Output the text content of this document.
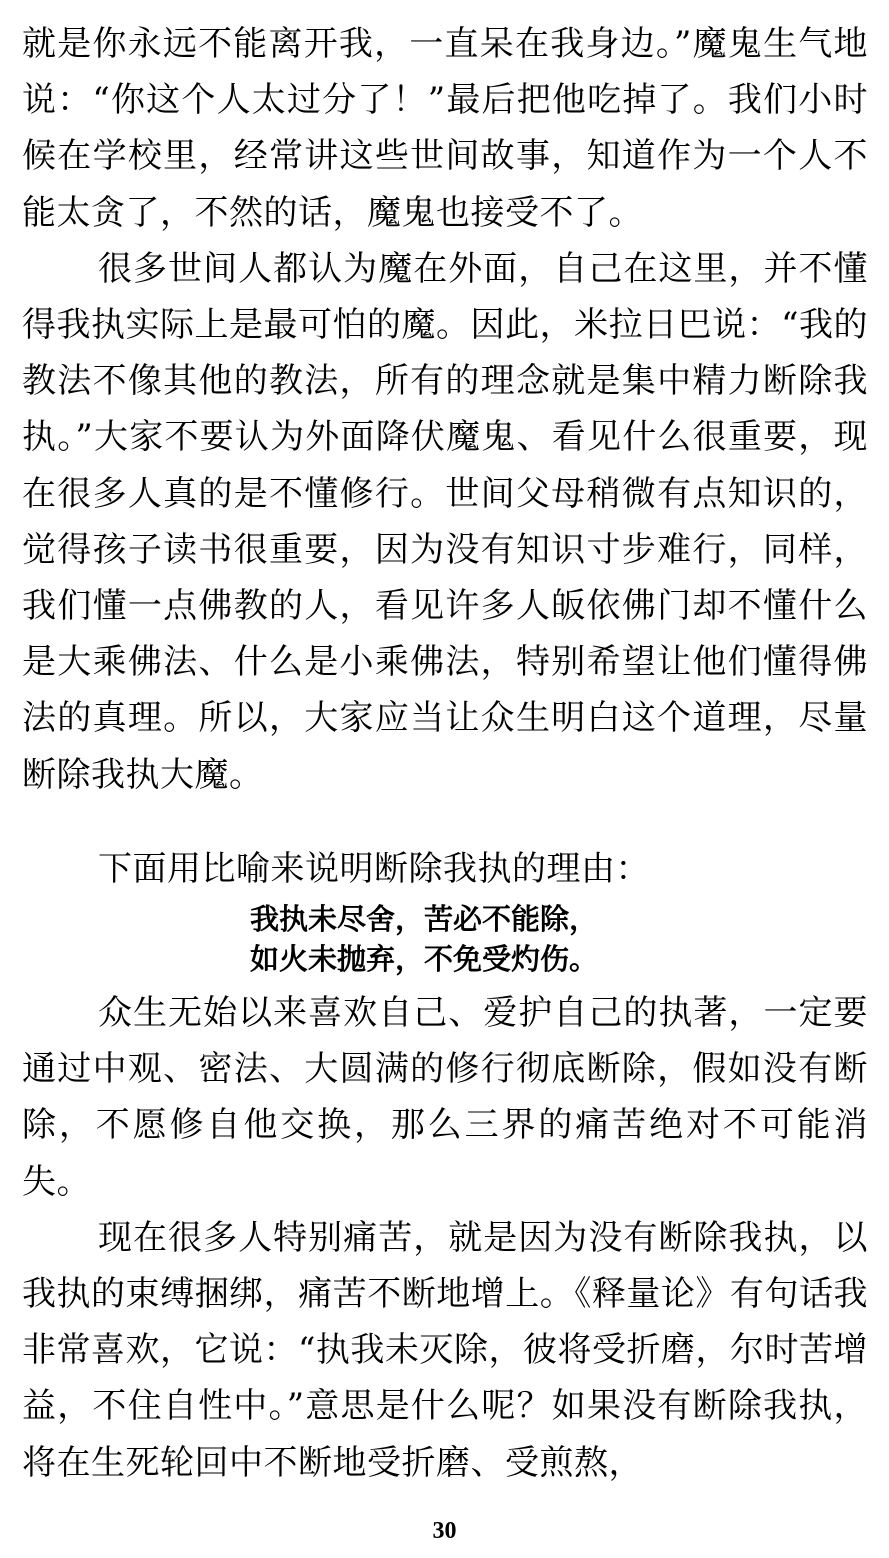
就是你永远不能离开我，一直呆在我身边。”魔鬼生气地说：“你这个人太过分了！”最后把他吃掉了。我们小时候在学校里，经常讲这些世间故事，知道作为一个人不能太贪了，不然的话，魔鬼也接受不了。

很多世间人都认为魔在外面，自己在这里，并不懂得我执实际上是最可怕的魔。因此，米拉日巴说：“我的教法不像其他的教法，所有的理念就是集中精力断除我执。”大家不要认为外面降伏魔鬼、看见什么很重要，现在很多人真的是不懂修行。世间父母稍微有点知识的，觉得孩子读书很重要，因为没有知识寸步难行，同样，我们懂一点佛教的人，看见许多人皈依佛门却不懂什么是大乘佛法、什么是小乘佛法，特别希望让他们懂得佛法的真理。所以，大家应当让众生明白这个道理，尽量断除我执大魔。

下面用比喻来说明断除我执的理由：

我执未尽舍，苦必不能除，
如火未抛弃，不免受灼伤。

众生无始以来喜欢自己、爱护自己的执著，一定要通过中观、密法、大圆满的修行彻底断除，假如没有断除，不愿修自他交换，那么三界的痛苦绝对不可能消失。

现在很多人特别痛苦，就是因为没有断除我执，以我执的束缚捆绑，痛苦不断地增上。《释量论》有句话我非常喜欢，它说：“执我未灭除，彼将受折磨，尔时苦增益，不住自性中。”意思是什么呢？如果没有断除我执，将在生死轮回中不断地受折磨、受煎熬，

30
